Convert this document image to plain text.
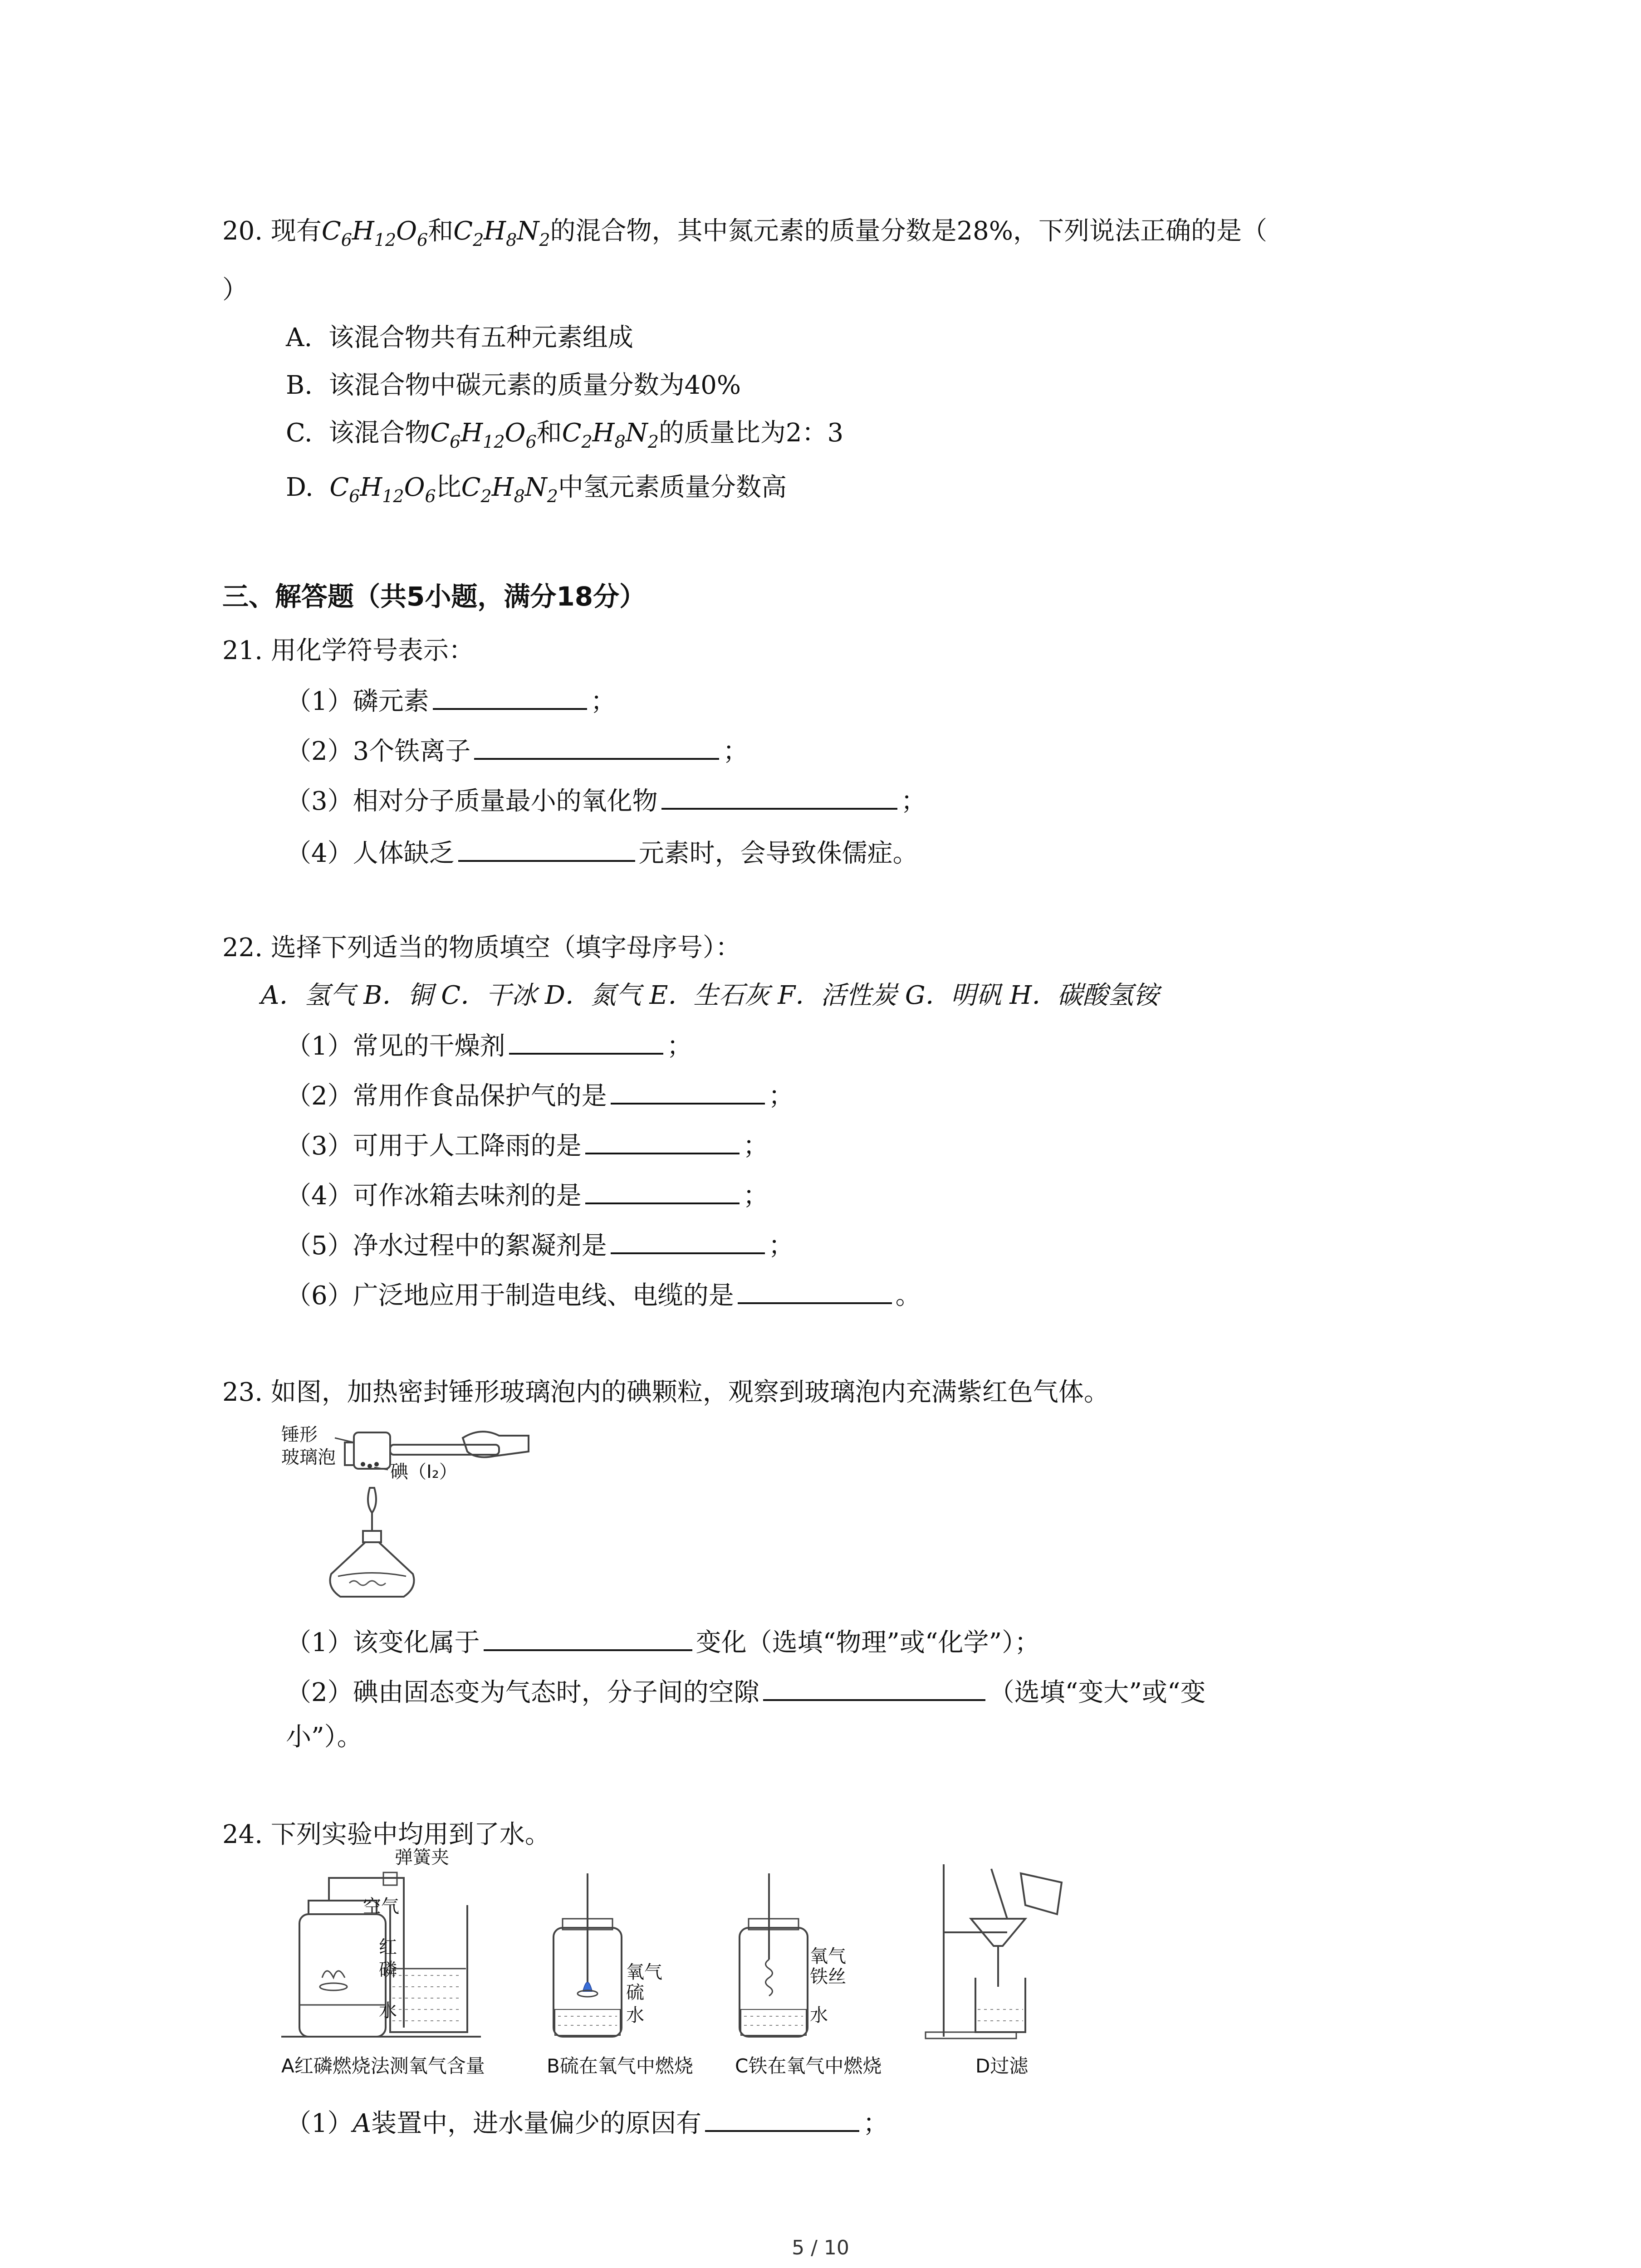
20. 现有$C_6H_{12}O_6$和$C_2H_8N_2$的混合物，其中氮元素的质量分数是28%，下列说法正确的是（
）
A. 该混合物共有五种元素组成
B. 该混合物中碳元素的质量分数为40%
C. 该混合物$C_6H_{12}O_6$和$C_2H_8N_2$的质量比为2：3
D. $C_6H_{12}O_6$比$C_2H_8N_2$中氢元素质量分数高
三、解答题（共5小题，满分18分）
21. 用化学符号表示：
（1）磷元素	；
（2）3个铁离子	；
（3）相对分子质量最小的氧化物	；
（4）人体缺乏	元素时，会导致侏儒症。
22. 选择下列适当的物质填空（填字母序号）：
A．氢气 B．铜 C．干冰 D．氮气 E．生石灰 F．活性炭 G．明矾 H．碳酸氢铵
（1）常见的干燥剂	；
（2）常用作食品保护气的是	；
（3）可用于人工降雨的是	；
（4）可作冰箱去味剂的是	；
（5）净水过程中的絮凝剂是	；
（6）广泛地应用于制造电线、电缆的是	。
23. 如图，加热密封锤形玻璃泡内的碘颗粒，观察到玻璃泡内充满紫红色气体。
锤形
玻璃泡
碘（I₂）
（1）该变化属于	变化（选填“物理”或“化学”）；
（2）碘由固态变为气态时，分子间的空隙	（选填“变大”或“变
小”）。
24. 下列实验中均用到了水。
弹簧夹
空气
红
磷
水
氧气
硫
水
氧气
铁丝
水
A红磷燃烧法测氧气含量	B硫在氧气中燃烧 C铁在氧气中燃烧	D过滤
（1）A装置中，进水量偏少的原因有	；
5 / 10
